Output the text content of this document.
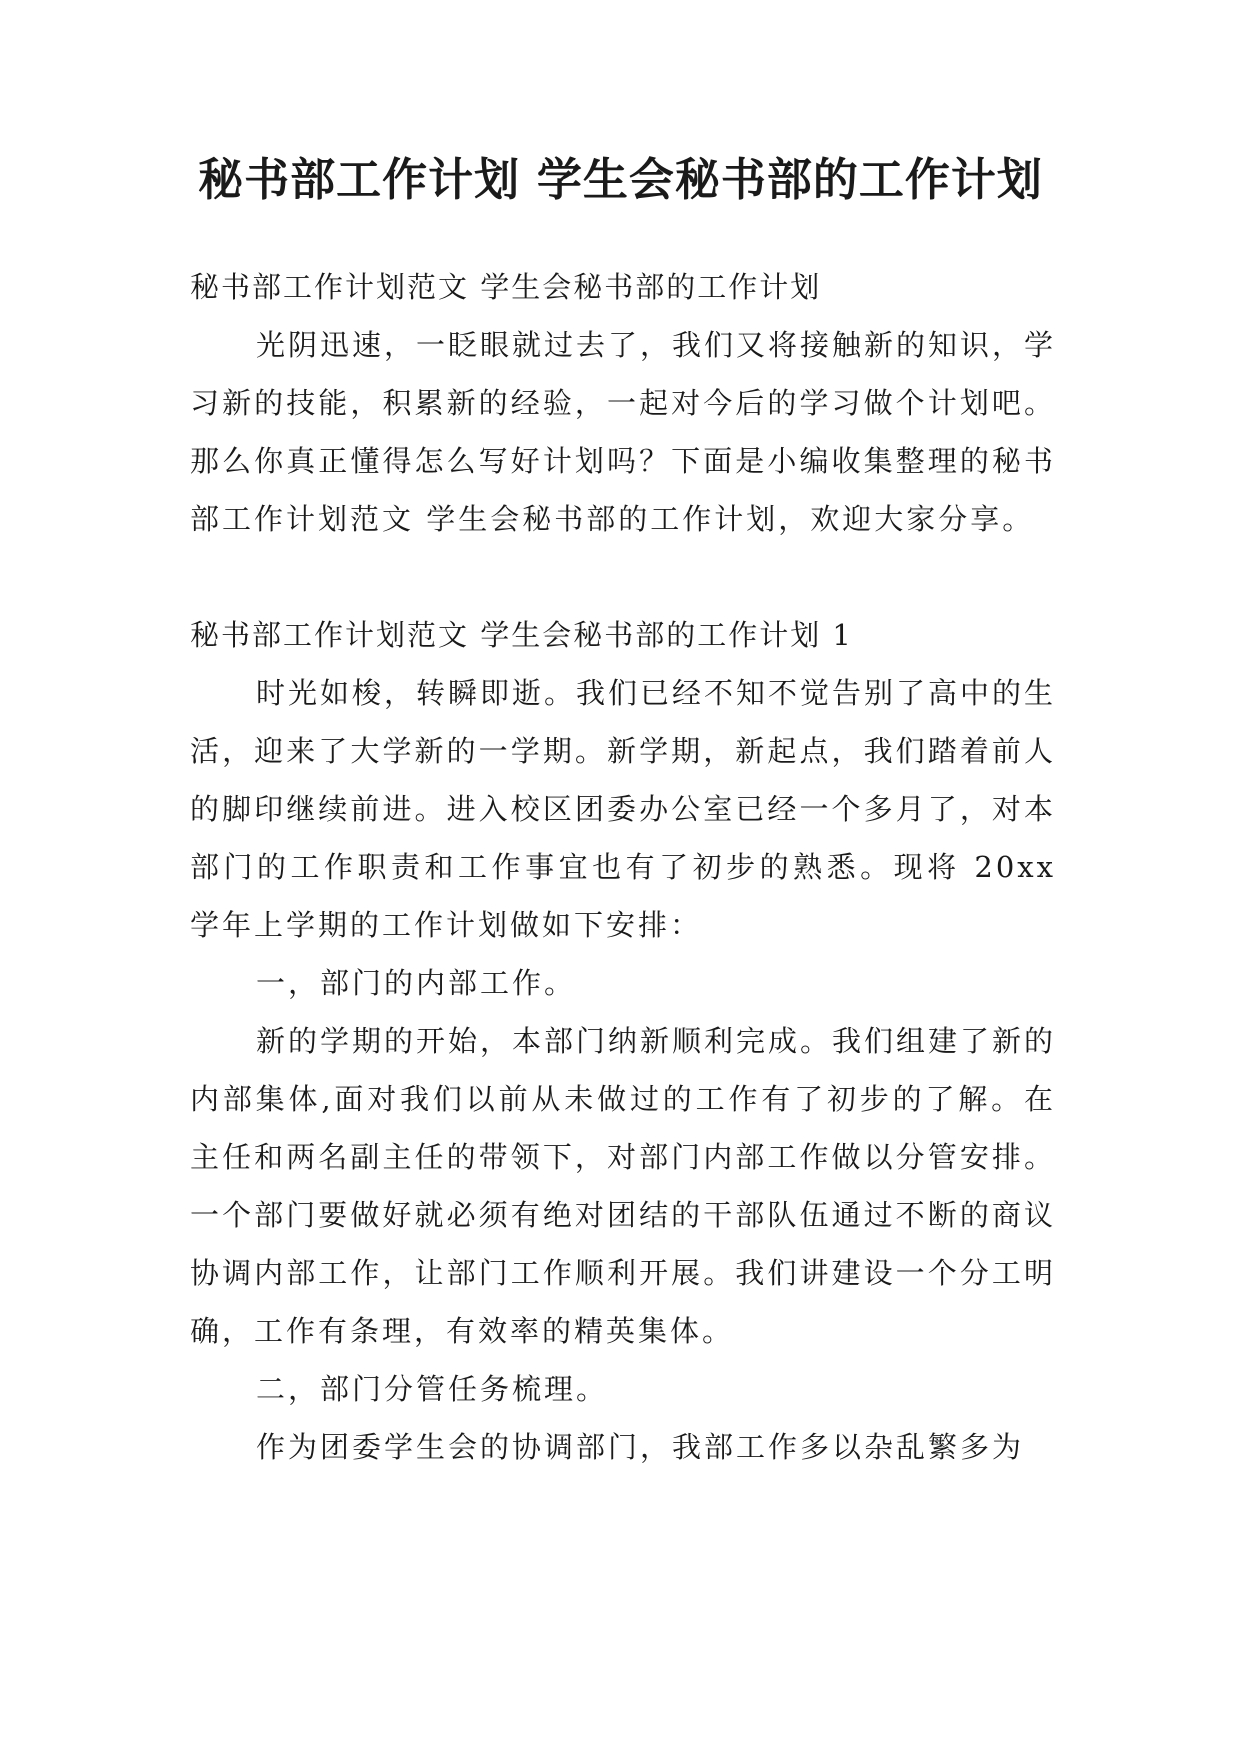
秘书部工作计划 学生会秘书部的工作计划

秘书部工作计划范文 学生会秘书部的工作计划

光阴迅速，一眨眼就过去了，我们又将接触新的知识，学习新的技能，积累新的经验，一起对今后的学习做个计划吧。那么你真正懂得怎么写好计划吗？下面是小编收集整理的秘书部工作计划范文 学生会秘书部的工作计划，欢迎大家分享。

秘书部工作计划范文 学生会秘书部的工作计划 1

时光如梭，转瞬即逝。我们已经不知不觉告别了高中的生活，迎来了大学新的一学期。新学期，新起点，我们踏着前人的脚印继续前进。进入校区团委办公室已经一个多月了，对本部门的工作职责和工作事宜也有了初步的熟悉。现将 20xx 学年上学期的工作计划做如下安排：

一，部门的内部工作。

新的学期的开始，本部门纳新顺利完成。我们组建了新的内部集体,面对我们以前从未做过的工作有了初步的了解。在主任和两名副主任的带领下，对部门内部工作做以分管安排。一个部门要做好就必须有绝对团结的干部队伍通过不断的商议协调内部工作，让部门工作顺利开展。我们讲建设一个分工明确，工作有条理，有效率的精英集体。

二，部门分管任务梳理。

作为团委学生会的协调部门，我部工作多以杂乱繁多为
